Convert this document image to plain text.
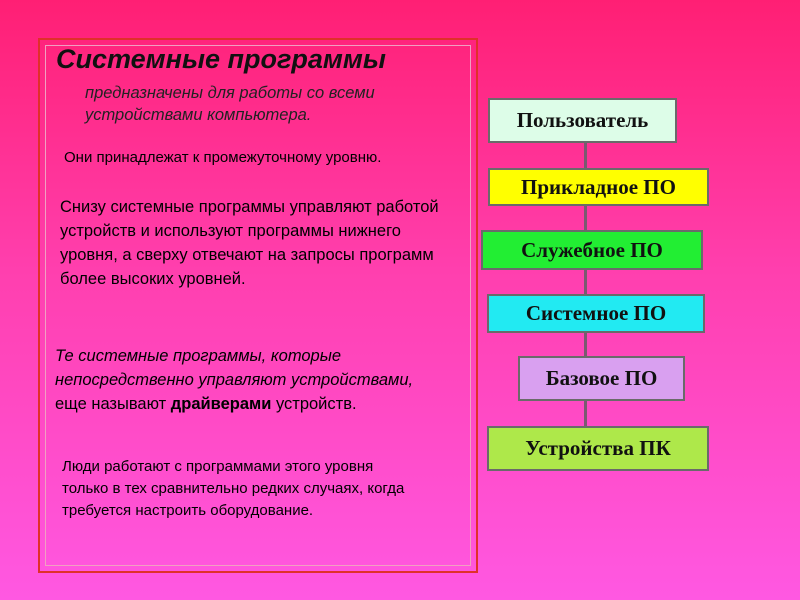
Системные программы
предназначены для работы со всеми устройствами компьютера.
Они принадлежат к промежуточному уровню.
Снизу системные программы управляют работой устройств и используют программы нижнего уровня, а сверху отвечают на запросы программ более высоких уровней.
Те системные программы, которые непосредственно управляют устройствами, еще называют драйверами устройств.
Люди работают с программами этого уровня только в тех сравнительно редких случаях, когда требуется настроить оборудование.
Пользователь
Прикладное ПО
Служебное ПО
Системное ПО
Базовое ПО
Устройства ПК
